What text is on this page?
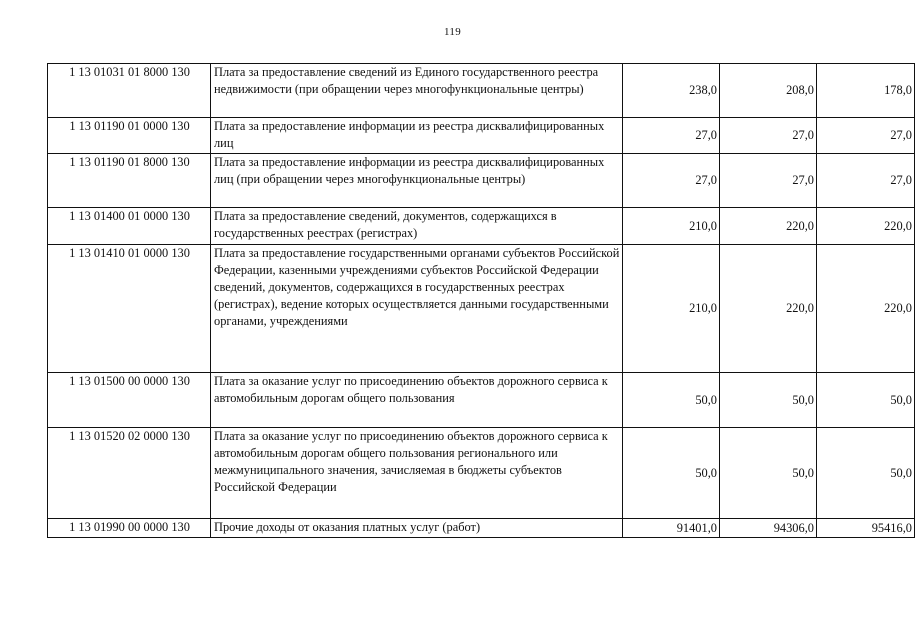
119
1 13 01031 01 8000 130	Плата за предоставление сведений из Единого государственного реестра недвижимости (при обращении через многофункциональные центры)	238,0	208,0	178,0
1 13 01190 01 0000 130	Плата за предоставление информации из реестра дисквалифицированных лиц	27,0	27,0	27,0
1 13 01190 01 8000 130	Плата за предоставление информации из реестра дисквалифицированных лиц (при обращении через многофункциональные центры)	27,0	27,0	27,0
1 13 01400 01 0000 130	Плата за предоставление сведений, документов, содержащихся в государственных реестрах (регистрах)	210,0	220,0	220,0
1 13 01410 01 0000 130	Плата за предоставление государственными органами субъектов Российской Федерации, казенными учреждениями субъектов Российской Федерации сведений, документов, содержащихся в государственных реестрах (регистрах), ведение которых осуществляется данными государственными органами, учреждениями	210,0	220,0	220,0
1 13 01500 00 0000 130	Плата за оказание услуг по присоединению объектов дорожного сервиса к автомобильным дорогам общего пользования	50,0	50,0	50,0
1 13 01520 02 0000 130	Плата за оказание услуг по присоединению объектов дорожного сервиса к автомобильным дорогам общего пользования регионального или межмуниципального значения, зачисляемая в бюджеты субъектов Российской Федерации	50,0	50,0	50,0
1 13 01990 00 0000 130	Прочие доходы от оказания платных услуг (работ)	91401,0	94306,0	95416,0
